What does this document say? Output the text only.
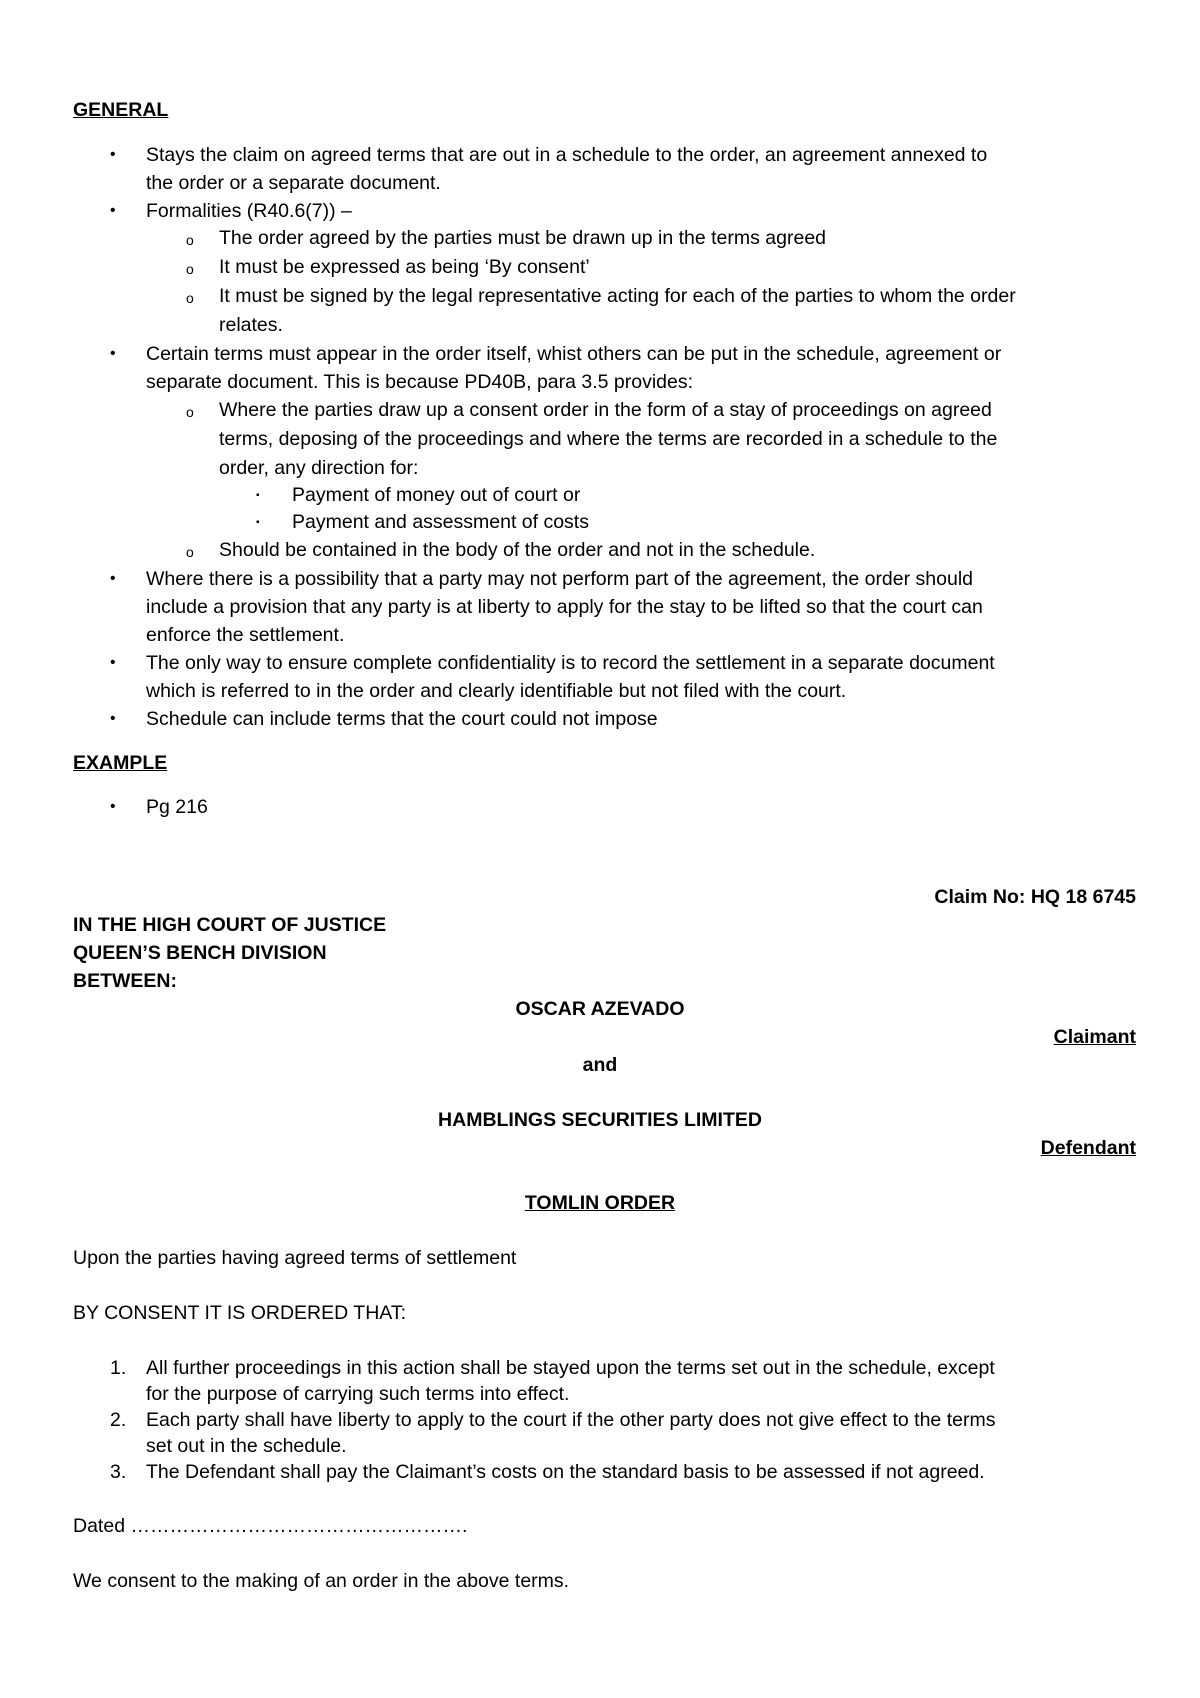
GENERAL
• Stays the claim on agreed terms that are out in a schedule to the order, an agreement annexed to
the order or a separate document.
• Formalities (R40.6(7)) –
o The order agreed by the parties must be drawn up in the terms agreed
o It must be expressed as being ‘By consent’
o It must be signed by the legal representative acting for each of the parties to whom the order
relates.
• Certain terms must appear in the order itself, whist others can be put in the schedule, agreement or
separate document. This is because PD40B, para 3.5 provides:
o Where the parties draw up a consent order in the form of a stay of proceedings on agreed
terms, deposing of the proceedings and where the terms are recorded in a schedule to the
order, any direction for:
▪ Payment of money out of court or
▪ Payment and assessment of costs
o Should be contained in the body of the order and not in the schedule.
• Where there is a possibility that a party may not perform part of the agreement, the order should
include a provision that any party is at liberty to apply for the stay to be lifted so that the court can
enforce the settlement.
• The only way to ensure complete confidentiality is to record the settlement in a separate document
which is referred to in the order and clearly identifiable but not filed with the court.
• Schedule can include terms that the court could not impose
EXAMPLE
• Pg 216
Claim No: HQ 18 6745
IN THE HIGH COURT OF JUSTICE
QUEEN’S BENCH DIVISION
BETWEEN:
OSCAR AZEVADO
Claimant
and
HAMBLINGS SECURITIES LIMITED
Defendant
TOMLIN ORDER
Upon the parties having agreed terms of settlement
BY CONSENT IT IS ORDERED THAT:
1. All further proceedings in this action shall be stayed upon the terms set out in the schedule, except
for the purpose of carrying such terms into effect.
2. Each party shall have liberty to apply to the court if the other party does not give effect to the terms
set out in the schedule.
3. The Defendant shall pay the Claimant’s costs on the standard basis to be assessed if not agreed.
Dated …………………………………………….
We consent to the making of an order in the above terms.
